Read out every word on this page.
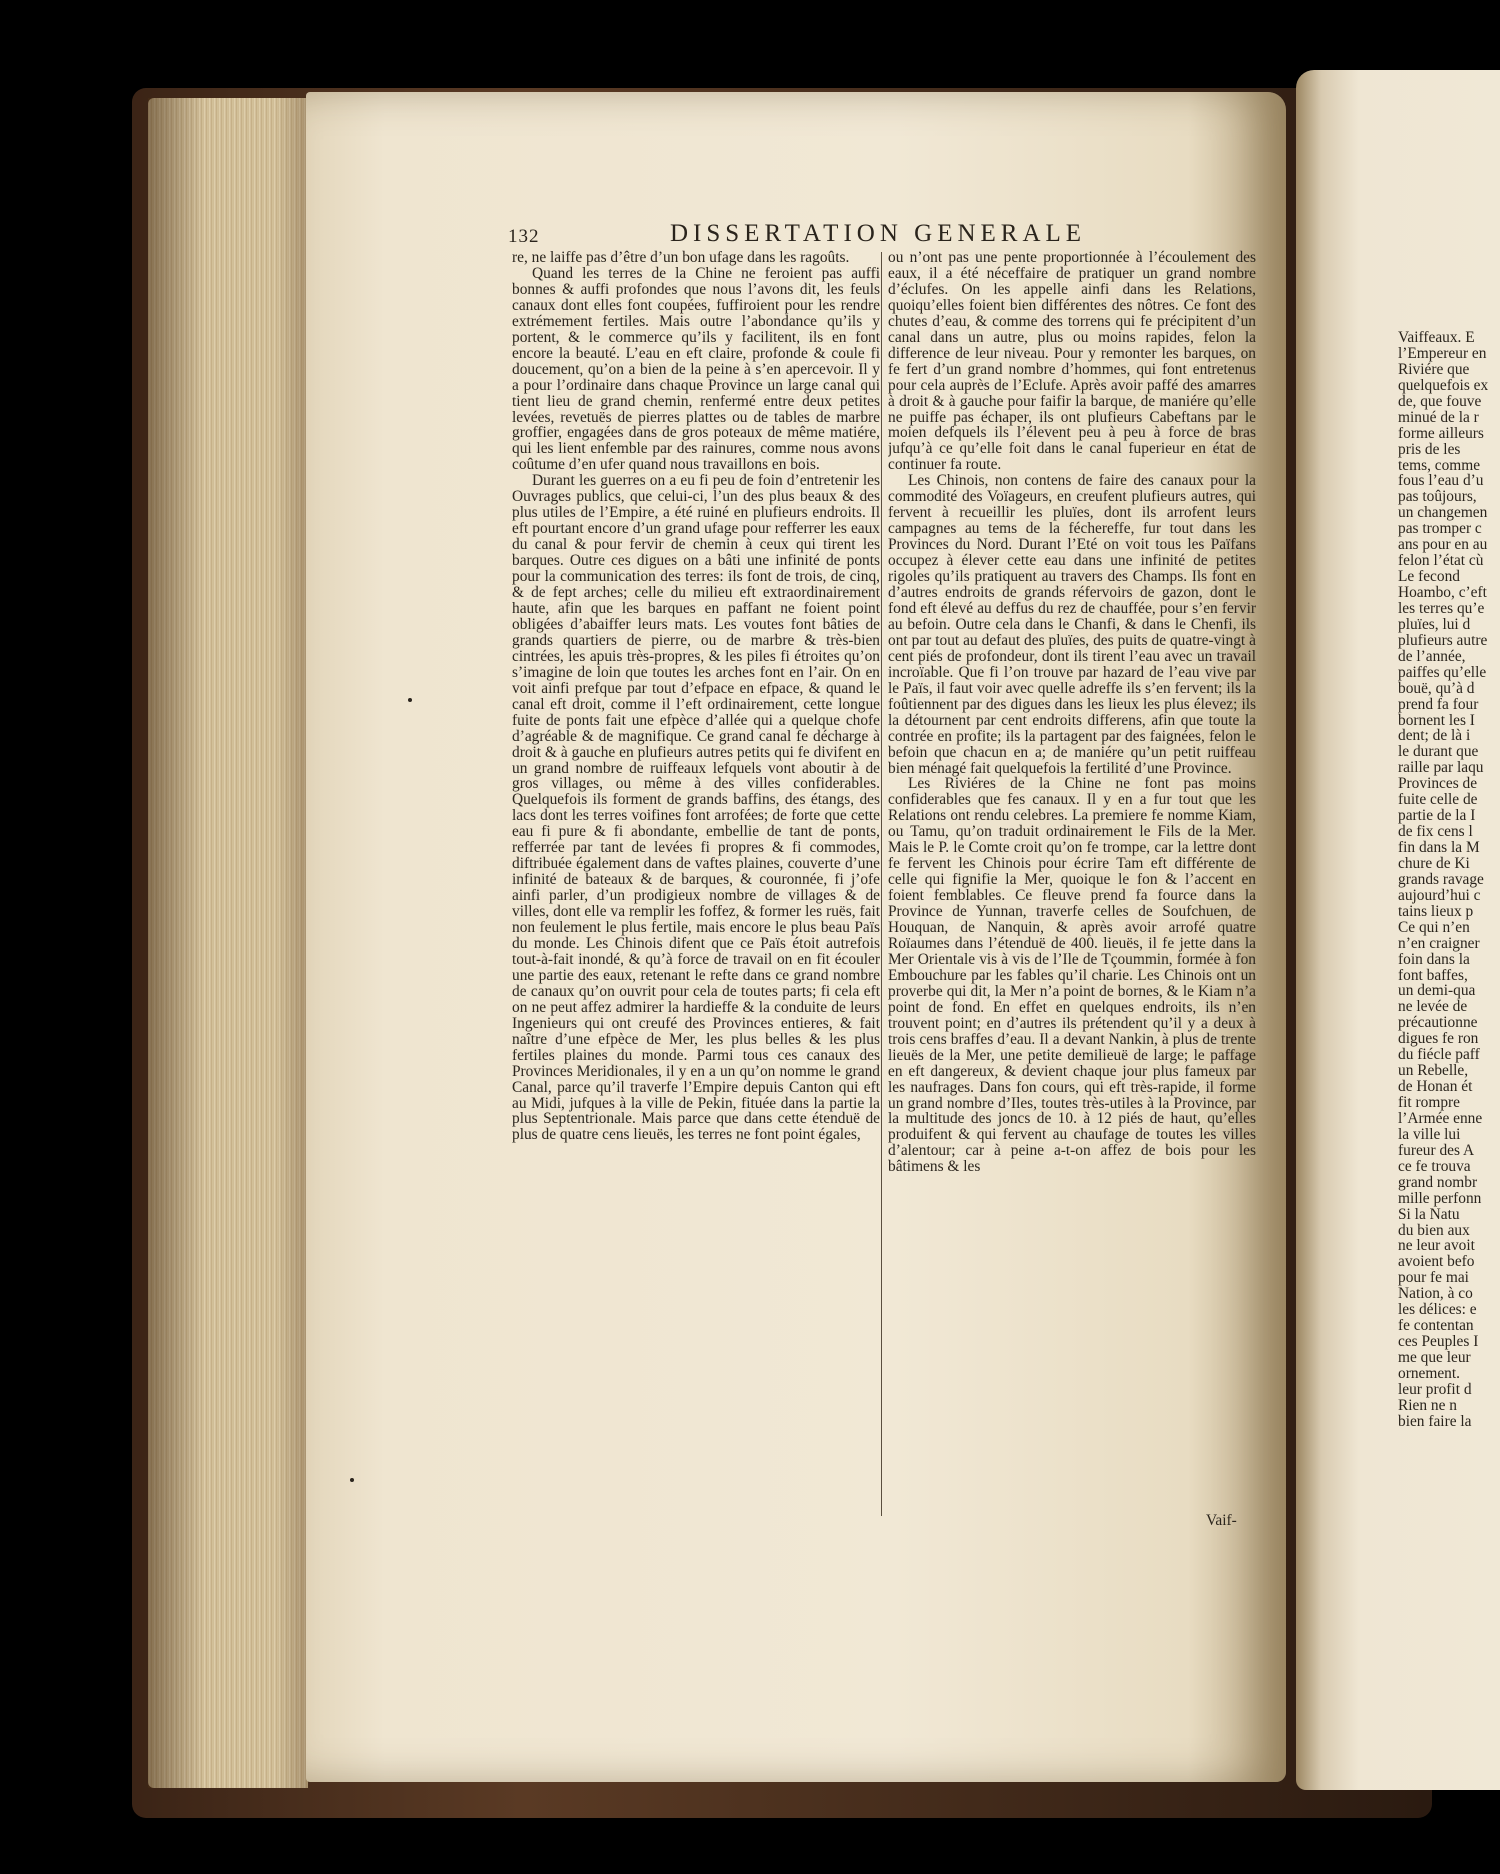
Vaiffeaux. E
l’Empereur en
Riviére que
quelquefois ex
de, que fouve
minué de la r
forme ailleurs
pris de les
tems, comme
fous l’eau d’u
pas toûjours,
un changemen
pas tromper c
ans pour en au
felon l’état cù
Le fecond
Hoambo, c’eft
les terres qu’e
pluïes, lui d
plufieurs autre
de l’année,
paiffes qu’elle
bouë, qu’à d
prend fa four
bornent les I
dent; de là i
le durant que
raille par laqu
Provinces de
fuite celle de
partie de la I
de fix cens l
fin dans la M
chure de Ki
grands ravage
aujourd’hui c
tains lieux p
Ce qui n’en
n’en craigner
foin dans la
font baffes,
un demi-qua
ne levée de
précautionne
digues fe ron
du fiécle paff
un Rebelle,
de Honan ét
fit rompre
l’Armée enne
la ville lui
fureur des A
ce fe trouva
grand nombr
mille perfonn
Si la Natu
du bien aux
ne leur avoit
avoient befo
pour fe mai
Nation, à co
les délices: e
fe contentan
ces Peuples I
me que leur
ornement.
leur profit d
Rien ne n
bien faire la
132	DISSERTATION GENERALE

re, ne laiffe pas d’être d’un bon ufage dans les ragoûts.

Quand les terres de la Chine ne feroient pas auffi bonnes & auffi profondes que nous l’avons dit, les feuls canaux dont elles font coupées, fuffiroient pour les rendre extrémement fertiles. Mais outre l’abondance qu’ils y portent, & le commerce qu’ils y facilitent, ils en font encore la beauté. L’eau en eft claire, profonde & coule fi doucement, qu’on a bien de la peine à s’en apercevoir. Il y a pour l’ordinaire dans chaque Province un large canal qui tient lieu de grand chemin, renfermé entre deux petites levées, revetuës de pierres plattes ou de tables de marbre groffier, engagées dans de gros poteaux de même matiére, qui les lient enfemble par des rainures, comme nous avons coûtume d’en ufer quand nous travaillons en bois.

Durant les guerres on a eu fi peu de foin d’entretenir les Ouvrages publics, que celui-ci, l’un des plus beaux & des plus utiles de l’Empire, a été ruiné en plufieurs endroits. Il eft pourtant encore d’un grand ufage pour refferrer les eaux du canal & pour fervir de chemin à ceux qui tirent les barques. Outre ces digues on a bâti une infinité de ponts pour la communication des terres: ils font de trois, de cinq, & de fept arches; celle du milieu eft extraordinairement haute, afin que les barques en paffant ne foient point obligées d’abaiffer leurs mats. Les voutes font bâties de grands quartiers de pierre, ou de marbre & très-bien cintrées, les apuis très-propres, & les piles fi étroites qu’on s’imagine de loin que toutes les arches font en l’air. On en voit ainfi prefque par tout d’efpace en efpace, & quand le canal eft droit, comme il l’eft ordinairement, cette longue fuite de ponts fait une efpèce d’allée qui a quelque chofe d’agréable & de magnifique. Ce grand canal fe décharge à droit & à gauche en plufieurs autres petits qui fe divifent en un grand nombre de ruiffeaux lefquels vont aboutir à de gros villages, ou même à des villes confiderables. Quelquefois ils forment de grands baffins, des étangs, des lacs dont les terres voifines font arrofées; de forte que cette eau fi pure & fi abondante, embellie de tant de ponts, refferrée par tant de levées fi propres & fi commodes, diftribuée également dans de vaftes plaines, couverte d’une infinité de bateaux & de barques, & couronnée, fi j’ofe ainfi parler, d’un prodigieux nombre de villages & de villes, dont elle va remplir les foffez, & former les ruës, fait non feulement le plus fertile, mais encore le plus beau Païs du monde. Les Chinois difent que ce Païs étoit autrefois tout-à-fait inondé, & qu’à force de travail on en fit écouler une partie des eaux, retenant le refte dans ce grand nombre de canaux qu’on ouvrit pour cela de toutes parts; fi cela eft on ne peut affez admirer la hardieffe & la conduite de leurs Ingenieurs qui ont creufé des Provinces entieres, & fait naître d’une efpèce de Mer, les plus belles & les plus fertiles plaines du monde. Parmi tous ces canaux des Provinces Meridionales, il y en a un qu’on nomme le grand Canal, parce qu’il traverfe l’Empire depuis Canton qui eft au Midi, jufques à la ville de Pekin, fituée dans la partie la plus Septentrionale. Mais parce que dans cette étenduë de plus de quatre cens lieuës, les terres ne font point égales,

ou n’ont pas une pente proportionnée à l’écoulement des eaux, il a été néceffaire de pratiquer un grand nombre d’éclufes. On les appelle ainfi dans les Relations, quoiqu’elles foient bien différentes des nôtres. Ce font des chutes d’eau, & comme des torrens qui fe précipitent d’un canal dans un autre, plus ou moins rapides, felon la difference de leur niveau. Pour y remonter les barques, on fe fert d’un grand nombre d’hommes, qui font entretenus pour cela auprès de l’Eclufe. Après avoir paffé des amarres à droit & à gauche pour faifir la barque, de maniére qu’elle ne puiffe pas échaper, ils ont plufieurs Cabeftans par le moien defquels ils l’élevent peu à peu à force de bras jufqu’à ce qu’elle foit dans le canal fuperieur en état de continuer fa route.

Les Chinois, non contens de faire des canaux pour la commodité des Voïageurs, en creufent plufieurs autres, qui fervent à recueillir les pluïes, dont ils arrofent leurs campagnes au tems de la féchereffe, fur tout dans les Provinces du Nord. Durant l’Eté on voit tous les Païfans occupez à élever cette eau dans une infinité de petites rigoles qu’ils pratiquent au travers des Champs. Ils font en d’autres endroits de grands réfervoirs de gazon, dont le fond eft élevé au deffus du rez de chauffée, pour s’en fervir au befoin. Outre cela dans le Chanfi, & dans le Chenfi, ils ont par tout au defaut des pluïes, des puits de quatre-vingt à cent piés de profondeur, dont ils tirent l’eau avec un travail incroïable. Que fi l’on trouve par hazard de l’eau vive par le Païs, il faut voir avec quelle adreffe ils s’en fervent; ils la foûtiennent par des digues dans les lieux les plus élevez; ils la détournent par cent endroits differens, afin que toute la contrée en profite; ils la partagent par des faignées, felon le befoin que chacun en a; de maniére qu’un petit ruiffeau bien ménagé fait quelquefois la fertilité d’une Province.

Les Riviéres de la Chine ne font pas moins confiderables que fes canaux. Il y en a fur tout que les Relations ont rendu celebres. La premiere fe nomme Kiam, ou Tamu, qu’on traduit ordinairement le Fils de la Mer. Mais le P. le Comte croit qu’on fe trompe, car la lettre dont fe fervent les Chinois pour écrire Tam eft différente de celle qui fignifie la Mer, quoique le fon & l’accent en foient femblables. Ce fleuve prend fa fource dans la Province de Yunnan, traverfe celles de Soufchuen, de Houquan, de Nanquin, & après avoir arrofé quatre Roïaumes dans l’étenduë de 400. lieuës, il fe jette dans la Mer Orientale vis à vis de l’Ile de Tçoummin, formée à fon Embouchure par les fables qu’il charie. Les Chinois ont un proverbe qui dit, la Mer n’a point de bornes, & le Kiam n’a point de fond. En effet en quelques endroits, ils n’en trouvent point; en d’autres ils prétendent qu’il y a deux à trois cens braffes d’eau. Il a devant Nankin, à plus de trente lieuës de la Mer, une petite demilieuë de large; le paffage en eft dangereux, & devient chaque jour plus fameux par les naufrages. Dans fon cours, qui eft très-rapide, il forme un grand nombre d’Iles, toutes très-utiles à la Province, par la multitude des joncs de 10. à 12 piés de haut, qu’elles produifent & qui fervent au chaufage de toutes les villes d’alentour; car à peine a-t-on affez de bois pour les bâtimens & les

Vaif-
